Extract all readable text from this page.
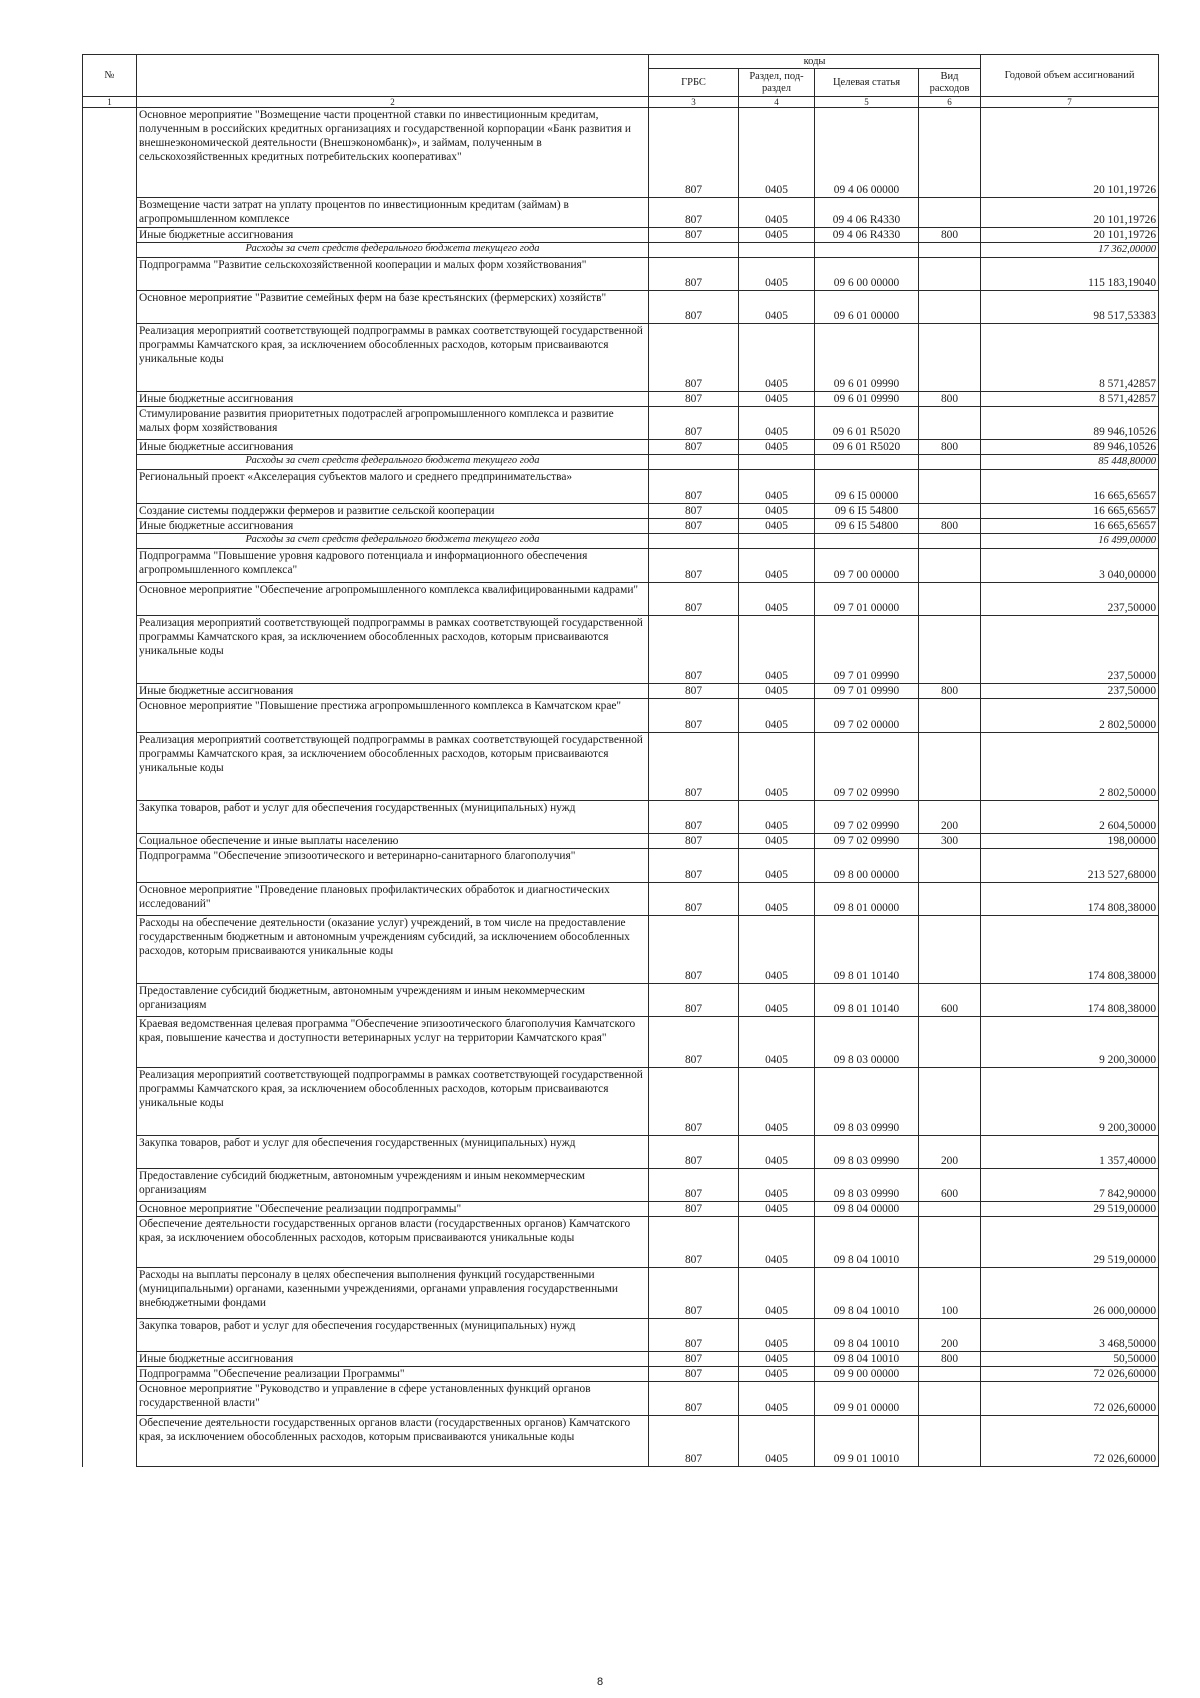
№		коды				Годовой объем ассигнований
		ГРБС	Раздел, под-раздел	Целевая статья	Вид расходов	
1	2	3	4	5	6	7
	Основное мероприятие "Возмещение части процентной ставки по инвестиционным кредитам, полученным в российских кредитных организациях и государственной корпорации «Банк развития и внешнеэкономической деятельности (Внешэкономбанк)», и займам, полученным в сельскохозяйственных кредитных потребительских кооперативах"	807	0405	09 4 06 00000		20 101,19726
	Возмещение части затрат на уплату процентов по инвестиционным кредитам (займам) в агропромышленном комплексе	807	0405	09 4 06 R4330		20 101,19726
	Иные бюджетные ассигнования	807	0405	09 4 06 R4330	800	20 101,19726
	Расходы за счет средств федерального бюджета текущего года					17 362,00000
	Подпрограмма "Развитие сельскохозяйственной кооперации и малых форм хозяйствования"	807	0405	09 6 00 00000		115 183,19040
	Основное мероприятие "Развитие семейных ферм на базе крестьянских (фермерских) хозяйств"	807	0405	09 6 01 00000		98 517,53383
	Реализация мероприятий соответствующей подпрограммы в рамках соответствующей государственной программы Камчатского края, за исключением обособленных расходов, которым присваиваются уникальные коды	807	0405	09 6 01 09990		8 571,42857
	Иные бюджетные ассигнования	807	0405	09 6 01 09990	800	8 571,42857
	Стимулирование развития приоритетных подотраслей агропромышленного комплекса и развитие малых форм хозяйствования	807	0405	09 6 01 R5020		89 946,10526
	Иные бюджетные ассигнования	807	0405	09 6 01 R5020	800	89 946,10526
	Расходы за счет средств федерального бюджета текущего года					85 448,80000
	Региональный проект «Акселерация субъектов малого и среднего предпринимательства»	807	0405	09 6 I5 00000		16 665,65657
	Создание системы поддержки фермеров и развитие сельской кооперации	807	0405	09 6 I5 54800		16 665,65657
	Иные бюджетные ассигнования	807	0405	09 6 I5 54800	800	16 665,65657
	Расходы за счет средств федерального бюджета текущего года					16 499,00000
	Подпрограмма "Повышение уровня кадрового потенциала и информационного обеспечения агропромышленного комплекса"	807	0405	09 7 00 00000		3 040,00000
	Основное мероприятие "Обеспечение агропромышленного комплекса квалифицированными кадрами"	807	0405	09 7 01 00000		237,50000
	Реализация мероприятий соответствующей подпрограммы в рамках соответствующей государственной программы Камчатского края, за исключением обособленных расходов, которым присваиваются уникальные коды	807	0405	09 7 01 09990		237,50000
	Иные бюджетные ассигнования	807	0405	09 7 01 09990	800	237,50000
	Основное мероприятие "Повышение престижа агропромышленного комплекса в Камчатском крае"	807	0405	09 7 02 00000		2 802,50000
	Реализация мероприятий соответствующей подпрограммы в рамках соответствующей государственной программы Камчатского края, за исключением обособленных расходов, которым присваиваются уникальные коды	807	0405	09 7 02 09990		2 802,50000
	Закупка товаров, работ и услуг для обеспечения государственных (муниципальных) нужд	807	0405	09 7 02 09990	200	2 604,50000
	Социальное обеспечение и иные выплаты населению	807	0405	09 7 02 09990	300	198,00000
	Подпрограмма "Обеспечение эпизоотического и ветеринарно-санитарного благополучия"	807	0405	09 8 00 00000		213 527,68000
	Основное мероприятие "Проведение плановых профилактических обработок и диагностических исследований"	807	0405	09 8 01 00000		174 808,38000
	Расходы на обеспечение деятельности (оказание услуг) учреждений, в том числе на предоставление государственным бюджетным и автономным учреждениям субсидий, за исключением обособленных расходов, которым присваиваются уникальные коды	807	0405	09 8 01 10140		174 808,38000
	Предоставление субсидий бюджетным, автономным учреждениям и иным некоммерческим организациям	807	0405	09 8 01 10140	600	174 808,38000
	Краевая ведомственная целевая программа "Обеспечение эпизоотического благополучия Камчатского края, повышение качества и доступности ветеринарных услуг на территории Камчатского края"	807	0405	09 8 03 00000		9 200,30000
	Реализация мероприятий соответствующей подпрограммы в рамках соответствующей государственной программы Камчатского края, за исключением обособленных расходов, которым присваиваются уникальные коды	807	0405	09 8 03 09990		9 200,30000
	Закупка товаров, работ и услуг для обеспечения государственных (муниципальных) нужд	807	0405	09 8 03 09990	200	1 357,40000
	Предоставление субсидий бюджетным, автономным учреждениям и иным некоммерческим организациям	807	0405	09 8 03 09990	600	7 842,90000
	Основное мероприятие "Обеспечение реализации подпрограммы"	807	0405	09 8 04 00000		29 519,00000
	Обеспечение деятельности государственных органов власти (государственных органов) Камчатского края, за исключением обособленных расходов, которым присваиваются уникальные коды	807	0405	09 8 04 10010		29 519,00000
	Расходы на выплаты персоналу в целях обеспечения выполнения функций государственными (муниципальными) органами, казенными учреждениями, органами управления государственными внебюджетными фондами	807	0405	09 8 04 10010	100	26 000,00000
	Закупка товаров, работ и услуг для обеспечения государственных (муниципальных) нужд	807	0405	09 8 04 10010	200	3 468,50000
	Иные бюджетные ассигнования	807	0405	09 8 04 10010	800	50,50000
	Подпрограмма "Обеспечение реализации Программы"	807	0405	09 9 00 00000		72 026,60000
	Основное мероприятие "Руководство и управление в сфере установленных функций органов государственной власти"	807	0405	09 9 01 00000		72 026,60000
	Обеспечение деятельности государственных органов власти (государственных органов) Камчатского края, за исключением обособленных расходов, которым присваиваются уникальные коды	807	0405	09 9 01 10010		72 026,60000
8
